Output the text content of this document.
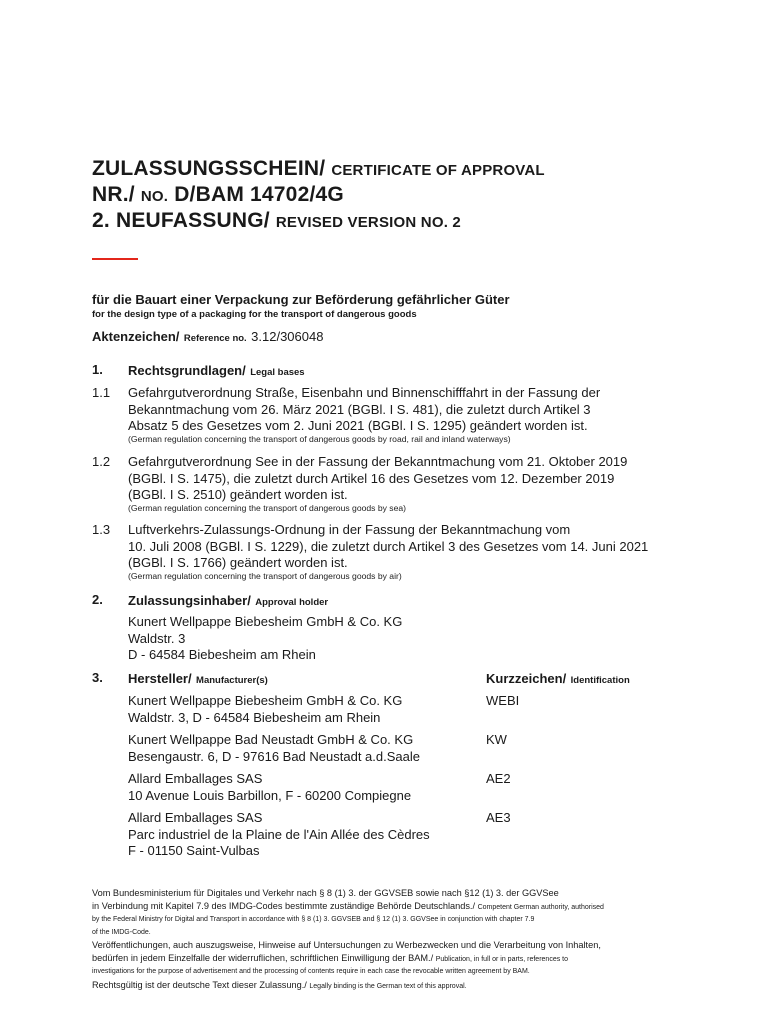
ZULASSUNGSSCHEIN/ CERTIFICATE OF APPROVAL
NR./ NO. D/BAM 14702/4G
2. NEUFASSUNG/ REVISED VERSION NO. 2
für die Bauart einer Verpackung zur Beförderung gefährlicher Güter
for the design type of a packaging for the transport of dangerous goods
Aktenzeichen/ Reference no. 3.12/306048
1. Rechtsgrundlagen/ Legal bases
1.1 Gefahrgutverordnung Straße, Eisenbahn und Binnenschifffahrt in der Fassung der
Bekanntmachung vom 26. März 2021 (BGBl. I S. 481), die zuletzt durch Artikel 3
Absatz 5 des Gesetzes vom 2. Juni 2021 (BGBl. I S. 1295) geändert worden ist.
(German regulation concerning the transport of dangerous goods by road, rail and inland waterways)
1.2 Gefahrgutverordnung See in der Fassung der Bekanntmachung vom 21. Oktober 2019
(BGBl. I S. 1475), die zuletzt durch Artikel 16 des Gesetzes vom 12. Dezember 2019
(BGBl. I S. 2510) geändert worden ist.
(German regulation concerning the transport of dangerous goods by sea)
1.3 Luftverkehrs-Zulassungs-Ordnung in der Fassung der Bekanntmachung vom
10. Juli 2008 (BGBl. I S. 1229), die zuletzt durch Artikel 3 des Gesetzes vom 14. Juni 2021
(BGBl. I S. 1766) geändert worden ist.
(German regulation concerning the transport of dangerous goods by air)
2. Zulassungsinhaber/ Approval holder
Kunert Wellpappe Biebesheim GmbH & Co. KG
Waldstr. 3
D - 64584 Biebesheim am Rhein
3. Hersteller/ Manufacturer(s)	Kurzzeichen/ Identification
Kunert Wellpappe Biebesheim GmbH & Co. KG
Waldstr. 3, D - 64584 Biebesheim am Rhein
WEBI
Kunert Wellpappe Bad Neustadt GmbH & Co. KG
Besengaustr. 6, D - 97616 Bad Neustadt a.d.Saale
KW
Allard Emballages SAS
10 Avenue Louis Barbillon, F - 60200 Compiegne
AE2
Allard Emballages SAS
Parc industriel de la Plaine de l'Ain Allée des Cèdres
F - 01150 Saint-Vulbas
AE3
Vom Bundesministerium für Digitales und Verkehr nach § 8 (1) 3. der GGVSEB sowie nach §12 (1) 3. der GGVSee
in Verbindung mit Kapitel 7.9 des IMDG-Codes bestimmte zuständige Behörde Deutschlands./ Competent German authority, authorised
by the Federal Ministry for Digital and Transport in accordance with § 8 (1) 3. GGVSEB and § 12 (1) 3. GGVSee in conjunction with chapter 7.9
of the IMDG-Code.
Veröffentlichungen, auch auszugsweise, Hinweise auf Untersuchungen zu Werbezwecken und die Verarbeitung von Inhalten,
bedürfen in jedem Einzelfalle der widerruflichen, schriftlichen Einwilligung der BAM./ Publication, in full or in parts, references to
investigations for the purpose of advertisement and the processing of contents require in each case the revocable written agreement by BAM.
Rechtsgültig ist der deutsche Text dieser Zulassung./ Legally binding is the German text of this approval.
